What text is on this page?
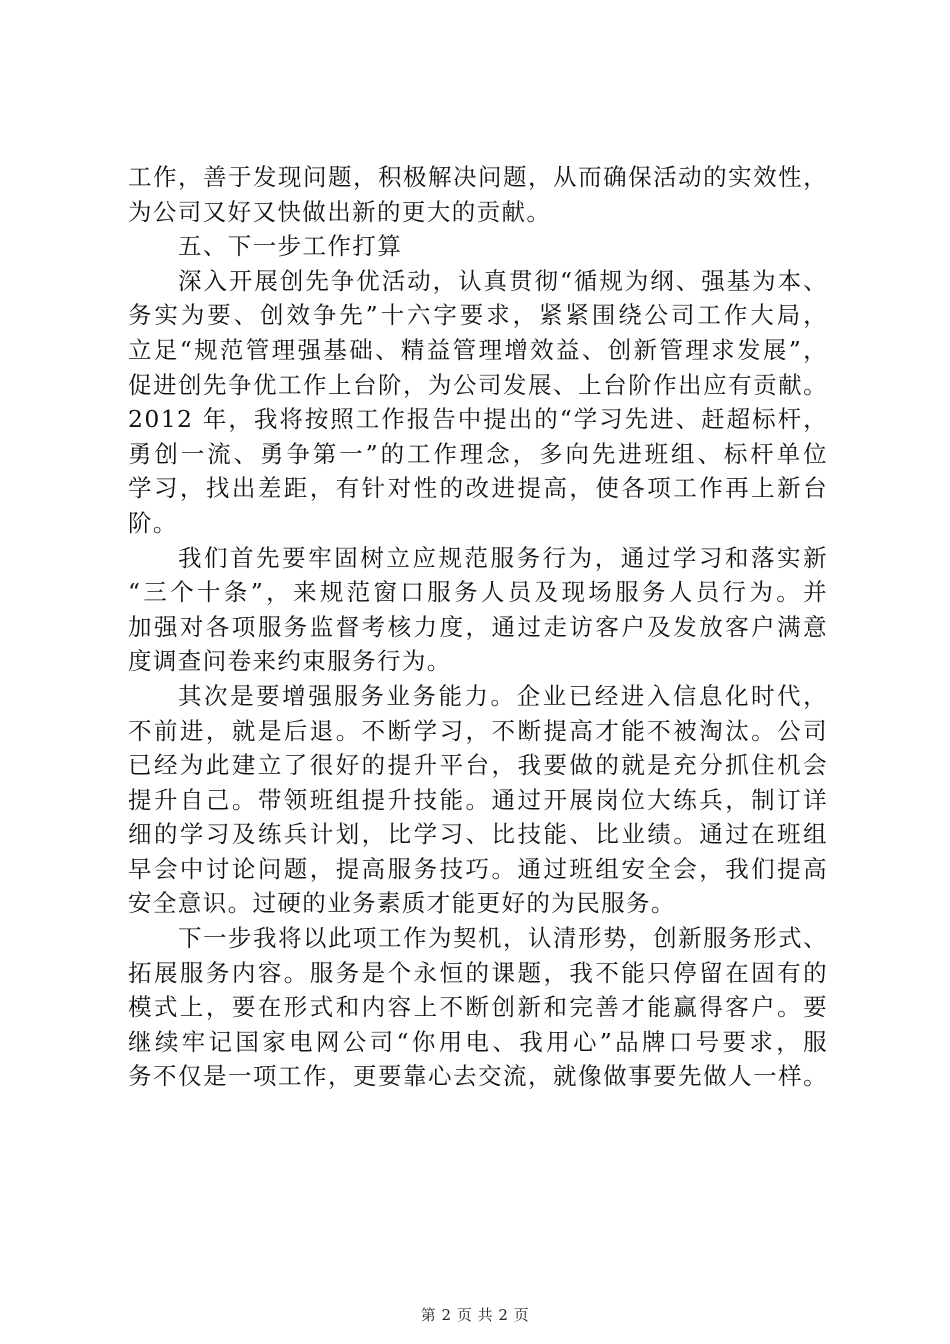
工作，善于发现问题，积极解决问题，从而确保活动的实效性，
为公司又好又快做出新的更大的贡献。
五、下一步工作打算
深入开展创先争优活动，认真贯彻“循规为纲、强基为本、
务实为要、创效争先”十六字要求，紧紧围绕公司工作大局，
立足“规范管理强基础、精益管理增效益、创新管理求发展”，
促进创先争优工作上台阶，为公司发展、上台阶作出应有贡献。
2012 年，我将按照工作报告中提出的“学习先进、赶超标杆，
勇创一流、勇争第一”的工作理念，多向先进班组、标杆单位
学习，找出差距，有针对性的改进提高，使各项工作再上新台
阶。
我们首先要牢固树立应规范服务行为，通过学习和落实新
“三个十条”，来规范窗口服务人员及现场服务人员行为。并
加强对各项服务监督考核力度，通过走访客户及发放客户满意
度调查问卷来约束服务行为。
其次是要增强服务业务能力。企业已经进入信息化时代，
不前进，就是后退。不断学习，不断提高才能不被淘汰。公司
已经为此建立了很好的提升平台，我要做的就是充分抓住机会
提升自己。带领班组提升技能。通过开展岗位大练兵，制订详
细的学习及练兵计划，比学习、比技能、比业绩。通过在班组
早会中讨论问题，提高服务技巧。通过班组安全会，我们提高
安全意识。过硬的业务素质才能更好的为民服务。
下一步我将以此项工作为契机，认清形势，创新服务形式、
拓展服务内容。服务是个永恒的课题，我不能只停留在固有的
模式上，要在形式和内容上不断创新和完善才能赢得客户。要
继续牢记国家电网公司“你用电、我用心”品牌口号要求，服
务不仅是一项工作，更要靠心去交流，就像做事要先做人一样。
第 2 页 共 2 页
